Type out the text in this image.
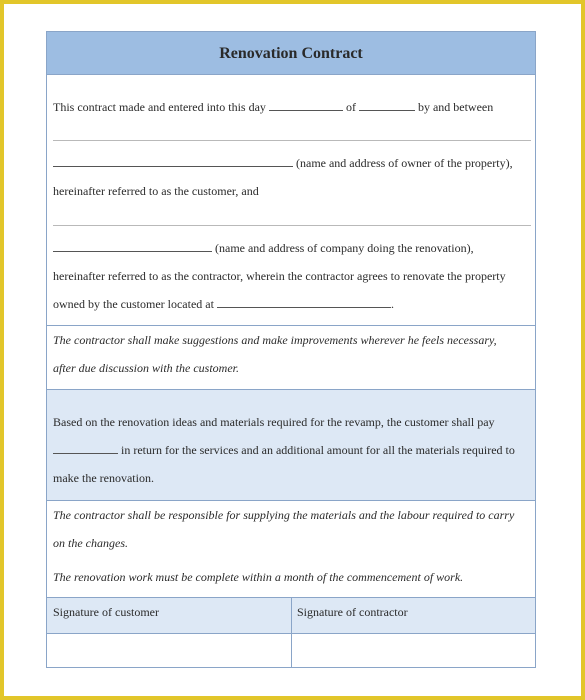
Renovation Contract
This contract made and entered into this day	of	by and between
(name and address of owner of the property),
hereinafter referred to as the customer, and
(name and address of company doing the renovation),
hereinafter referred to as the contractor, wherein the contractor agrees to renovate the property
owned by the customer located at	.
The contractor shall make suggestions and make improvements wherever he feels necessary,
after due discussion with the customer.
Based on the renovation ideas and materials required for the revamp, the customer shall pay
in return for the services and an additional amount for all the materials required to
make the renovation.
The contractor shall be responsible for supplying the materials and the labour required to carry
on the changes.
The renovation work must be complete within a month of the commencement of work.
Signature of customer	Signature of contractor
